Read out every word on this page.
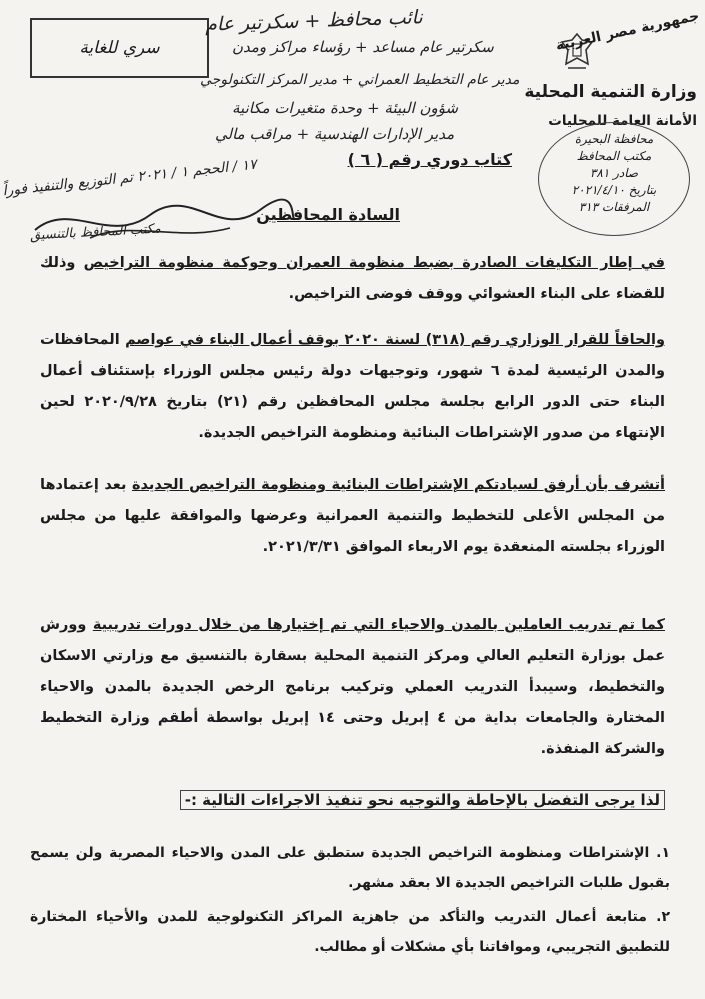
جمهورية مصر العربية
وزارة التنمية المحلية
الأمانة العامة للمحليات
سري للغاية
نائب محافظ + سكرتير عام
سكرتير عام مساعد + رؤساء مراكز ومدن
مدير عام التخطيط العمراني + مدير المركز التكنولوجي
شؤون البيئة + وحدة متغيرات مكانية
مدير الإدارات الهندسية + مراقب مالي
١٧ / الحجم ١ / ٢٠٢١ تم التوزيع والتنفيذ فوراً
مكتب المحافظ بالتنسيق
كتاب دوري رقم ( ٦ )
السادة المحافظين
محافظة البحيرة
مكتب المحافظ
صادر ٣٨١
بتاريخ ٢٠٢١/٤/١٠
المرفقات ٣١٣
في إطار التكليفات الصادرة بضبط منظومة العمران وحوكمة منظومة التراخيص وذلك للقضاء على البناء العشوائي ووقف فوضى التراخيص.
والحاقاً للقرار الوزاري رقم (٣١٨) لسنة ٢٠٢٠ بوقف أعمال البناء في عواصم المحافظات والمدن الرئيسية لمدة ٦ شهور، وتوجيهات دولة رئيس مجلس الوزراء بإستئناف أعمال البناء حتى الدور الرابع بجلسة مجلس المحافظين رقم (٢١) بتاريخ ٢٠٢٠/٩/٢٨ لحين الإنتهاء من صدور الإشتراطات البنائية ومنظومة التراخيص الجديدة.
أتشرف بأن أرفق لسيادتكم الإشتراطات البنائية ومنظومة التراخيص الجديدة بعد إعتمادها من المجلس الأعلى للتخطيط والتنمية العمرانية وعرضها والموافقة عليها من مجلس الوزراء بجلسته المنعقدة يوم الاربعاء الموافق ٢٠٢١/٣/٣١.
كما تم تدريب العاملين بالمدن والاحياء التي تم إختيارها من خلال دورات تدريبية وورش عمل بوزارة التعليم العالي ومركز التنمية المحلية بسقارة بالتنسيق مع وزارتي الاسكان والتخطيط، وسيبدأ التدريب العملي وتركيب برنامج الرخص الجديدة بالمدن والاحياء المختارة والجامعات بداية من ٤ إبريل وحتى ١٤ إبريل بواسطة أطقم وزارة التخطيط والشركة المنفذة.
لذا يرجى التفضل بالإحاطة والتوجيه نحو تنفيذ الاجراءات التالية :-
١. الإشتراطات ومنظومة التراخيص الجديدة ستطبق على المدن والاحياء المصرية ولن يسمح بقبول طلبات التراخيص الجديدة الا بعقد مشهر.
٢. متابعة أعمال التدريب والتأكد من جاهزية المراكز التكنولوجية للمدن والأحياء المختارة للتطبيق التجريبي، وموافاتنا بأي مشكلات أو مطالب.
